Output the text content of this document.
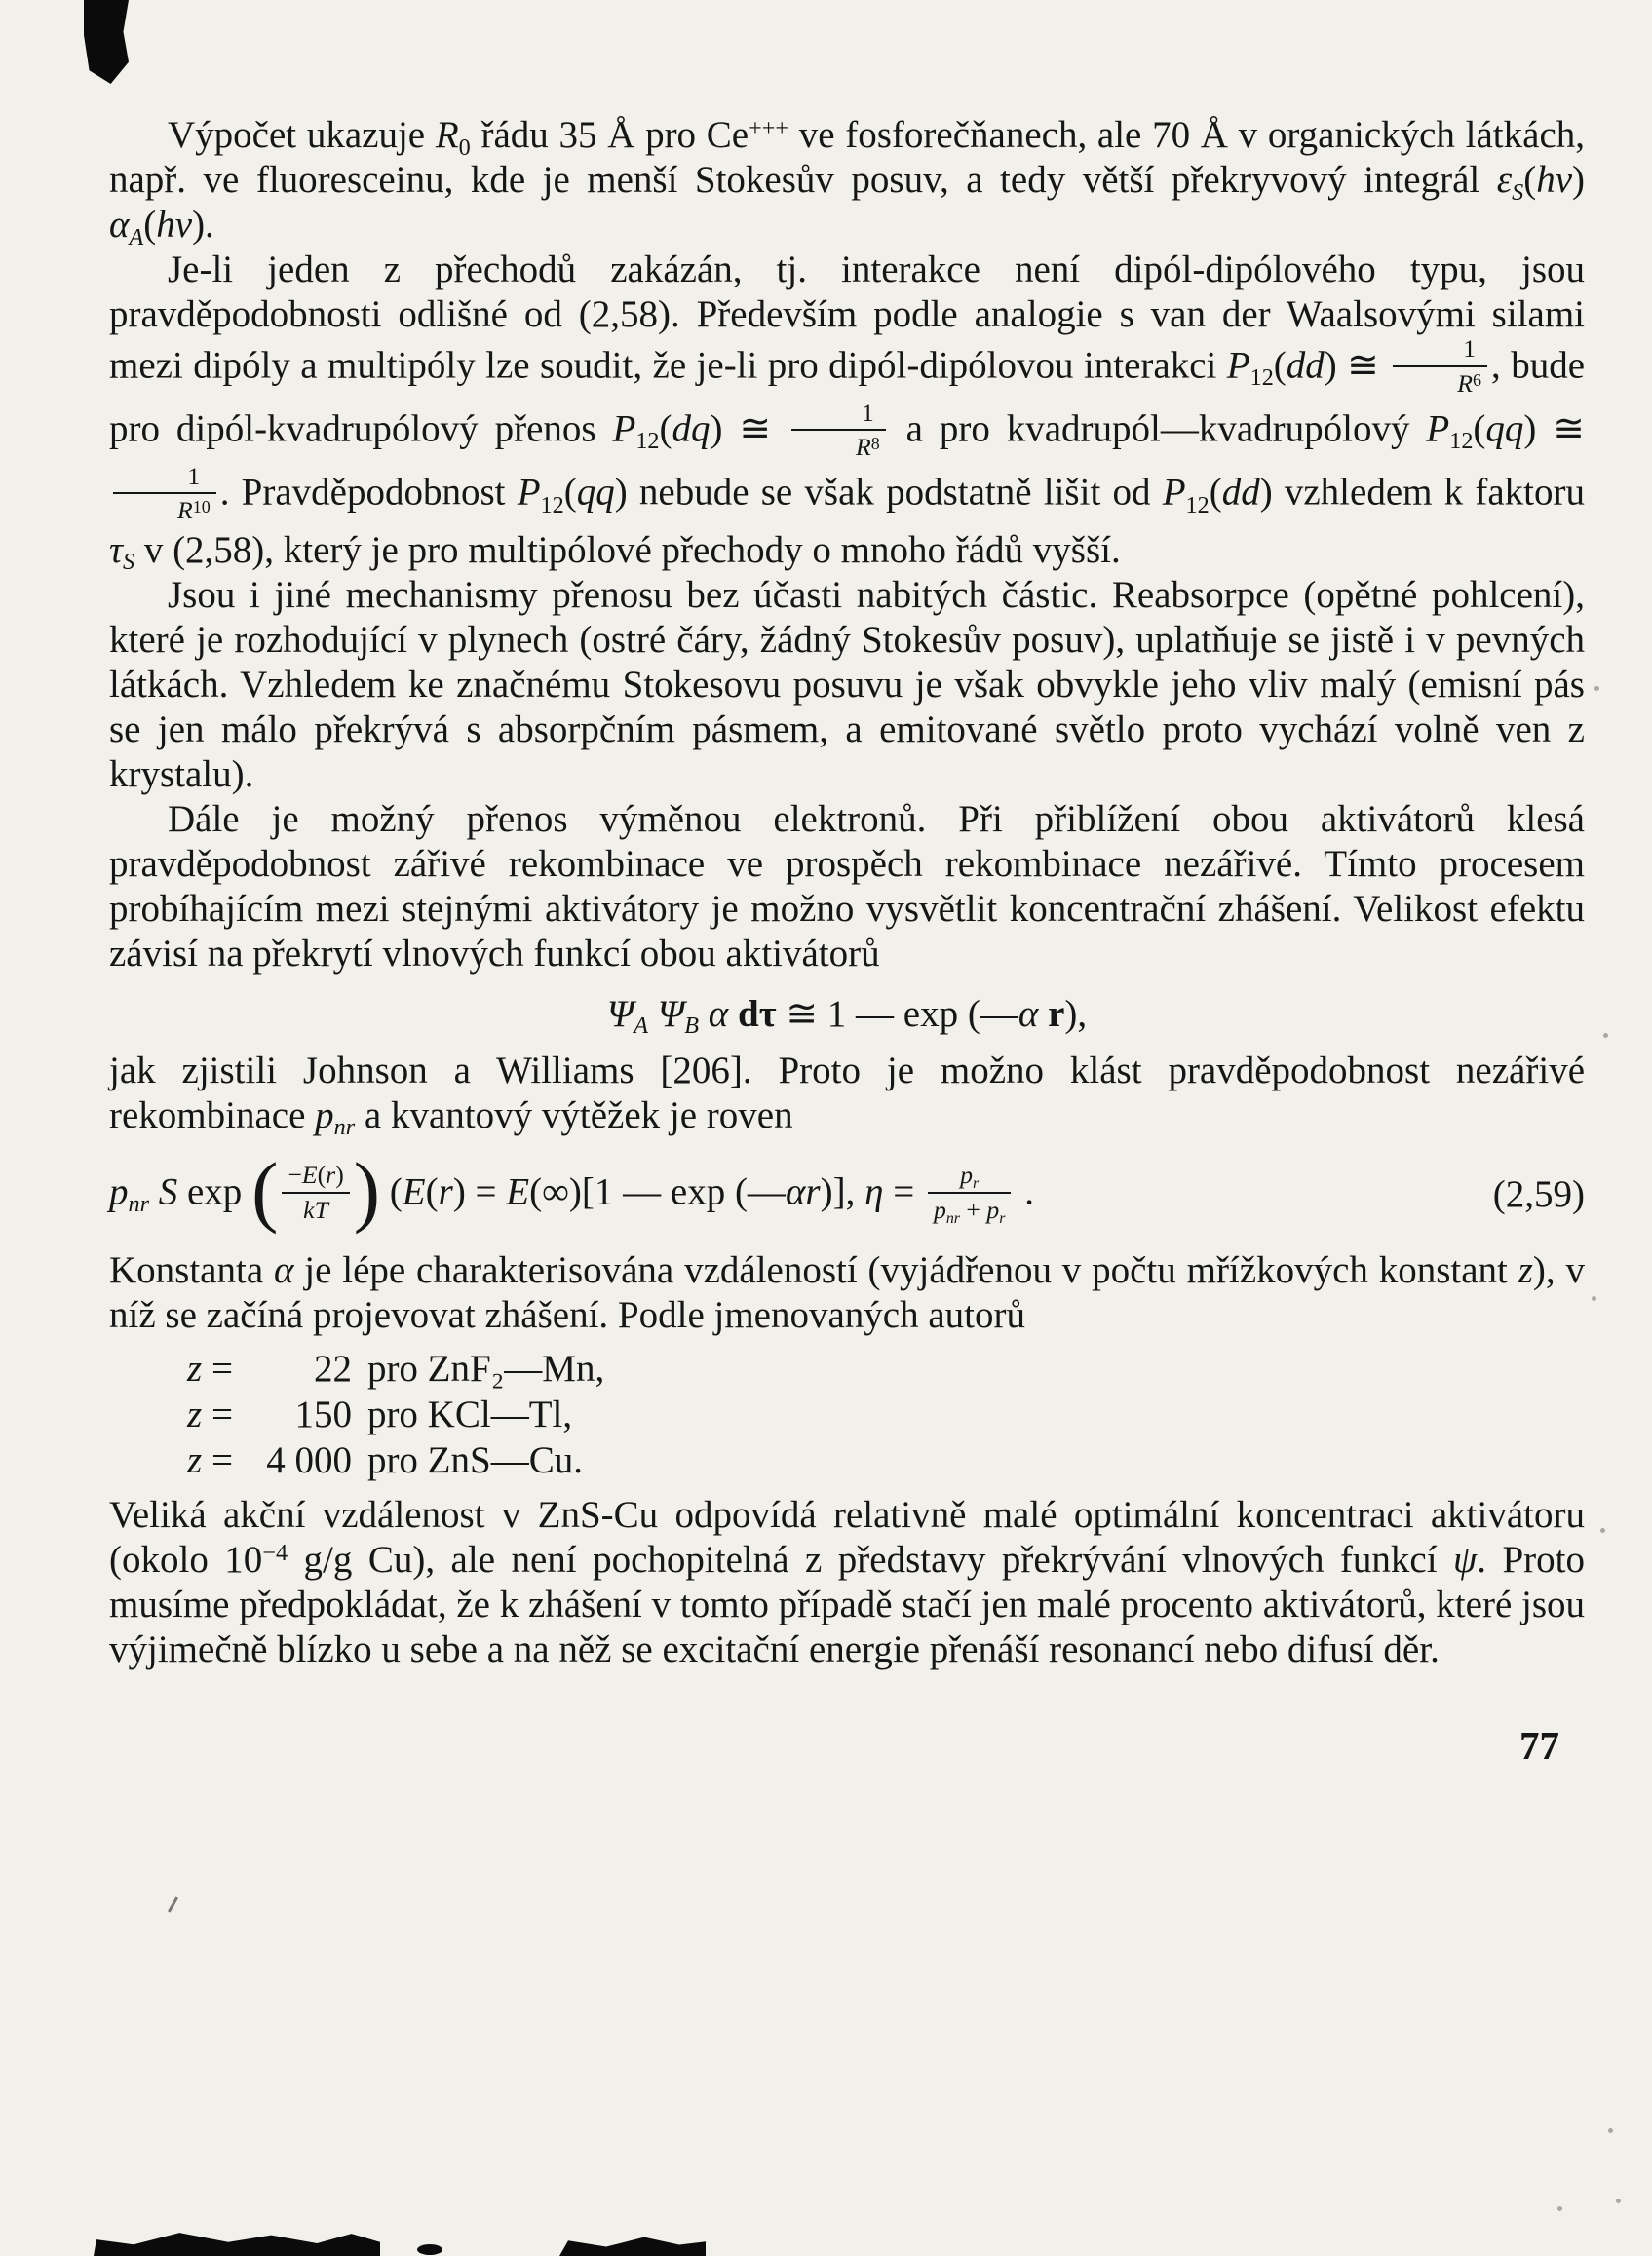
Výpočet ukazuje R0 řádu 35 Å pro Ce+++ ve fosforečňanech, ale 70 Å v organických látkách, např. ve fluoresceinu, kde je menší Stokesův posuv, a tedy větší překryvový integrál εS(hν) αA(hν).

Je-li jeden z přechodů zakázán, tj. interakce není dipól-dipólového typu, jsou pravděpodobnosti odlišné od (2,58). Především podle analogie s van der Waalsovými silami mezi dipóly a multipóly lze soudit, že je-li pro dipól-dipólovou interakci P12(dd) ≅ $\frac{1}{R^6}$ , bude pro dipól-kvadrupólový přenos P12(dq) ≅ $\frac{1}{R^8}$ a pro kvadrupól—kvadrupólový P12(qq) ≅
$\frac{1}{R^{10}}$ . Pravděpodobnost P12(qq) nebude se však podstatně lišit od P12(dd) vzhledem k faktoru τS v (2,58), který je pro multipólové přechody o mnoho řádů vyšší.

Jsou i jiné mechanismy přenosu bez účasti nabitých částic. Reabsorpce (opětné pohlcení), které je rozhodující v plynech (ostré čáry, žádný Stokesův posuv), uplatňuje se jistě i v pevných látkách. Vzhledem ke značnému Stokesovu posuvu je však obvykle jeho vliv malý (emisní pás se jen málo překrývá s absorpčním pásmem, a emitované světlo proto vychází volně ven z krystalu).

Dále je možný přenos výměnou elektronů. Při přiblížení obou aktivátorů klesá pravděpodobnost zářivé rekombinace ve prospěch rekombinace nezářivé. Tímto procesem probíhajícím mezi stejnými aktivátory je možno vysvětlit koncentrační zhášení. Velikost efektu závisí na překrytí vlnových funkcí obou aktivátorů

ΨA ΨB α dτ ≅ 1 — exp (—α r),

jak zjistili Johnson a Williams [206]. Proto je možno klást pravděpodobnost nezářivé rekombinace pnr a kvantový výtěžek je roven

pnr S exp ( $\frac{-E(r)}{kT}$ ) (E(r) = E(∞)[1 — exp (—αr)], $\eta = \frac{pr}{\text{pnr + pr}}$ .	(2,59)

Konstanta α je lépe charakterisována vzdáleností (vyjádřenou v počtu mřížkových konstant z), v níž se začíná projevovat zhášení. Podle jmenovaných autorů

z = 22 pro ZnF₂—Mn,
z = 150 pro KCl—Tl,
z = 4 000 pro ZnS—Cu.

Veliká akční vzdálenost v ZnS-Cu odpovídá relativně malé optimální koncentraci aktivátoru (okolo $10^{-4}$ g/g Cu), ale není pochopitelná z představy překrývání vlnových funkcí ψ. Proto musíme předpokládat, že k zhášení v tomto případě stačí jen malé procento aktivátorů, které jsou výjimečně blízko u sebe a na něž se excitační energie přenáší resonancí nebo difusí děr.

77
